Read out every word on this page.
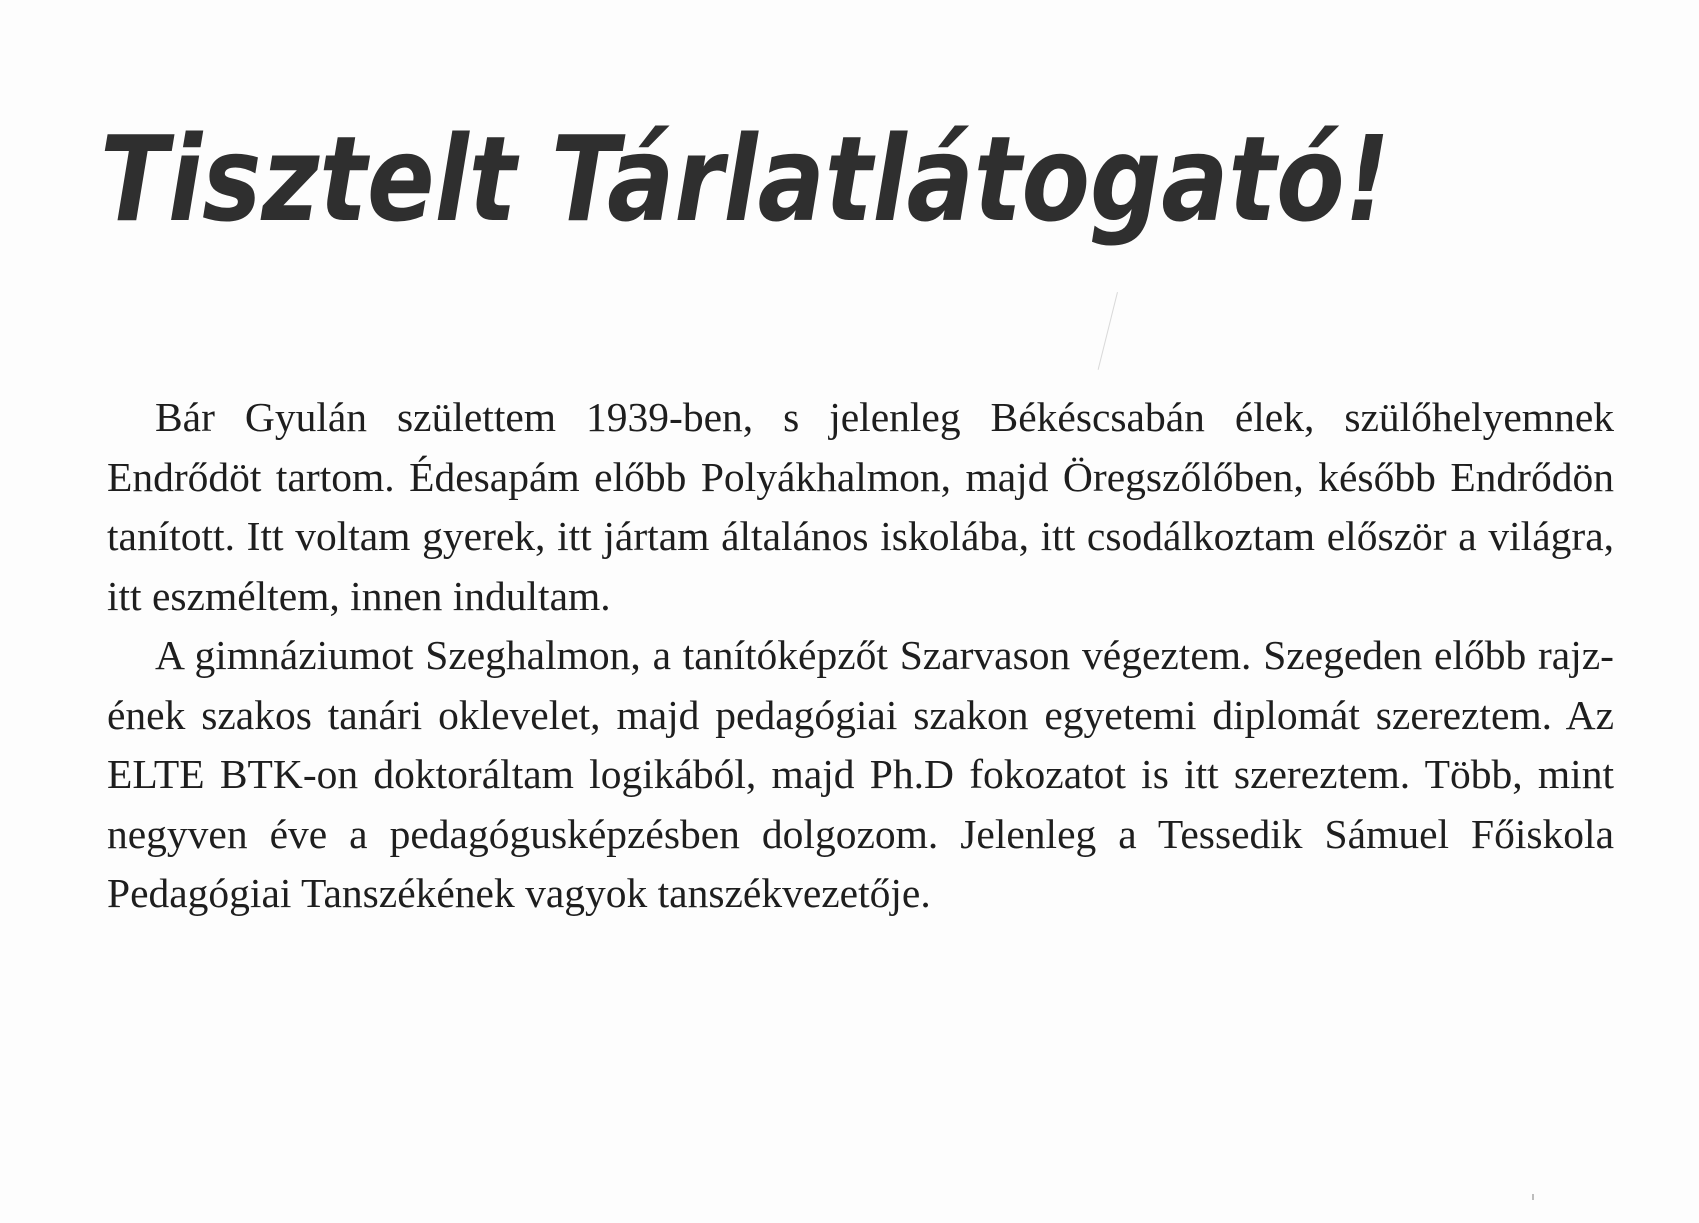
Tisztelt Tárlatlátogató!

Bár Gyulán születtem 1939-ben, s jelenleg Békéscsabán élek, szülőhelyemnek Endrődöt tartom. Édesapám előbb Polyákhalmon, majd Öregszőlőben, később Endrődön tanított. Itt voltam gyerek, itt jártam általános iskolába, itt csodálkoztam először a világra, itt eszméltem, innen indultam.

A gimnáziumot Szeghalmon, a tanítóképzőt Szarvason végeztem. Szegeden előbb rajz-ének szakos tanári oklevelet, majd pedagógiai szakon egyetemi diplomát szereztem. Az ELTE BTK-on doktoráltam logikából, majd Ph.D fokozatot is itt szereztem. Több, mint negyven éve a pedagógusképzésben dolgozom. Jelenleg a Tessedik Sámuel Főiskola Pedagógiai Tanszékének vagyok tanszékvezetője.
